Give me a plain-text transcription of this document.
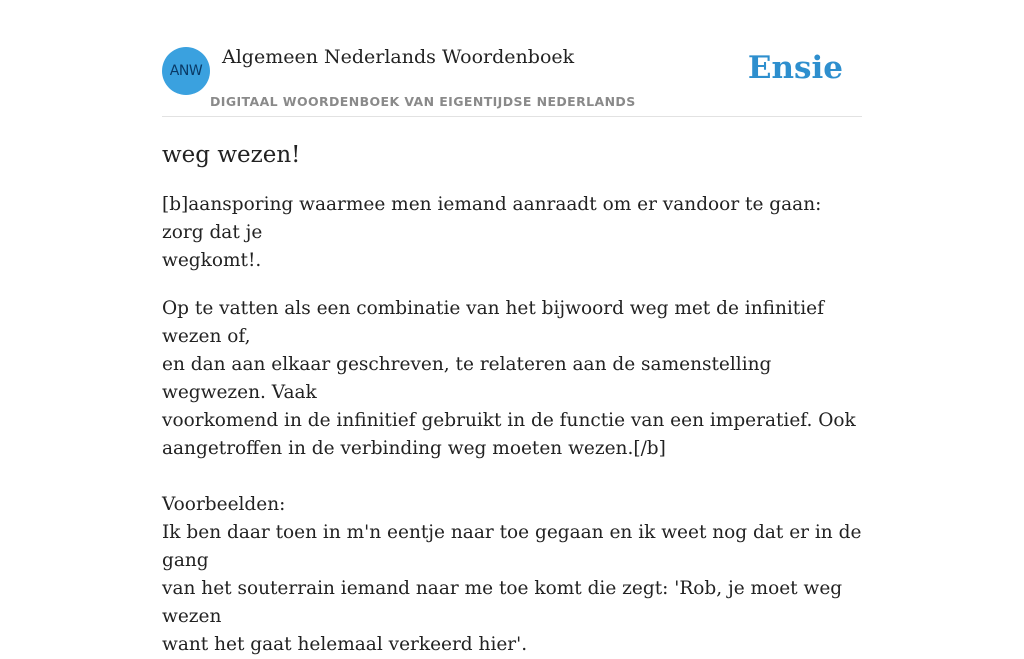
ANW
Algemeen Nederlands Woordenboek
DIGITAAL WOORDENBOEK VAN EIGENTIJDSE NEDERLANDS
Ensie
weg wezen!

[b]aansporing waarmee men iemand aanraadt om er vandoor te gaan: zorg dat je
wegkomt!.

Op te vatten als een combinatie van het bijwoord weg met de infinitief wezen of,
en dan aan elkaar geschreven, te relateren aan de samenstelling wegwezen. Vaak
voorkomend in de infinitief gebruikt in de functie van een imperatief. Ook
aangetroffen in de verbinding weg moeten wezen.[/b]

Voorbeelden:
Ik ben daar toen in m'n eentje naar toe gegaan en ik weet nog dat er in de gang
van het souterrain iemand naar me toe komt die zegt: 'Rob, je moet weg wezen
want het gaat helemaal verkeerd hier'.
